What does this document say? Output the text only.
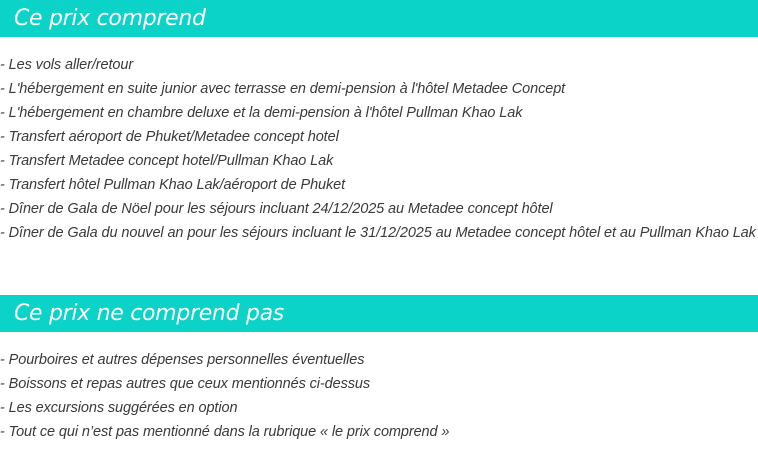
Ce prix comprend
- Les vols aller/retour
- L'hébergement en suite junior avec terrasse en demi-pension à l'hôtel Metadee Concept
- L'hébergement en chambre deluxe et la demi-pension à l'hôtel Pullman Khao Lak
- Transfert aéroport de Phuket/Metadee concept hotel
- Transfert Metadee concept hotel/Pullman Khao Lak
- Transfert hôtel Pullman Khao Lak/aéroport de Phuket
- Dîner de Gala de Nöel pour les séjours incluant 24/12/2025 au Metadee concept hôtel
- Dîner de Gala du nouvel an pour les séjours incluant le 31/12/2025 au Metadee concept hôtel et au Pullman Khao Lak
Ce prix ne comprend pas
- Pourboires et autres dépenses personnelles éventuelles
- Boissons et repas autres que ceux mentionnés ci-dessus
- Les excursions suggérées en option
- Tout ce qui n’est pas mentionné dans la rubrique « le prix comprend »
